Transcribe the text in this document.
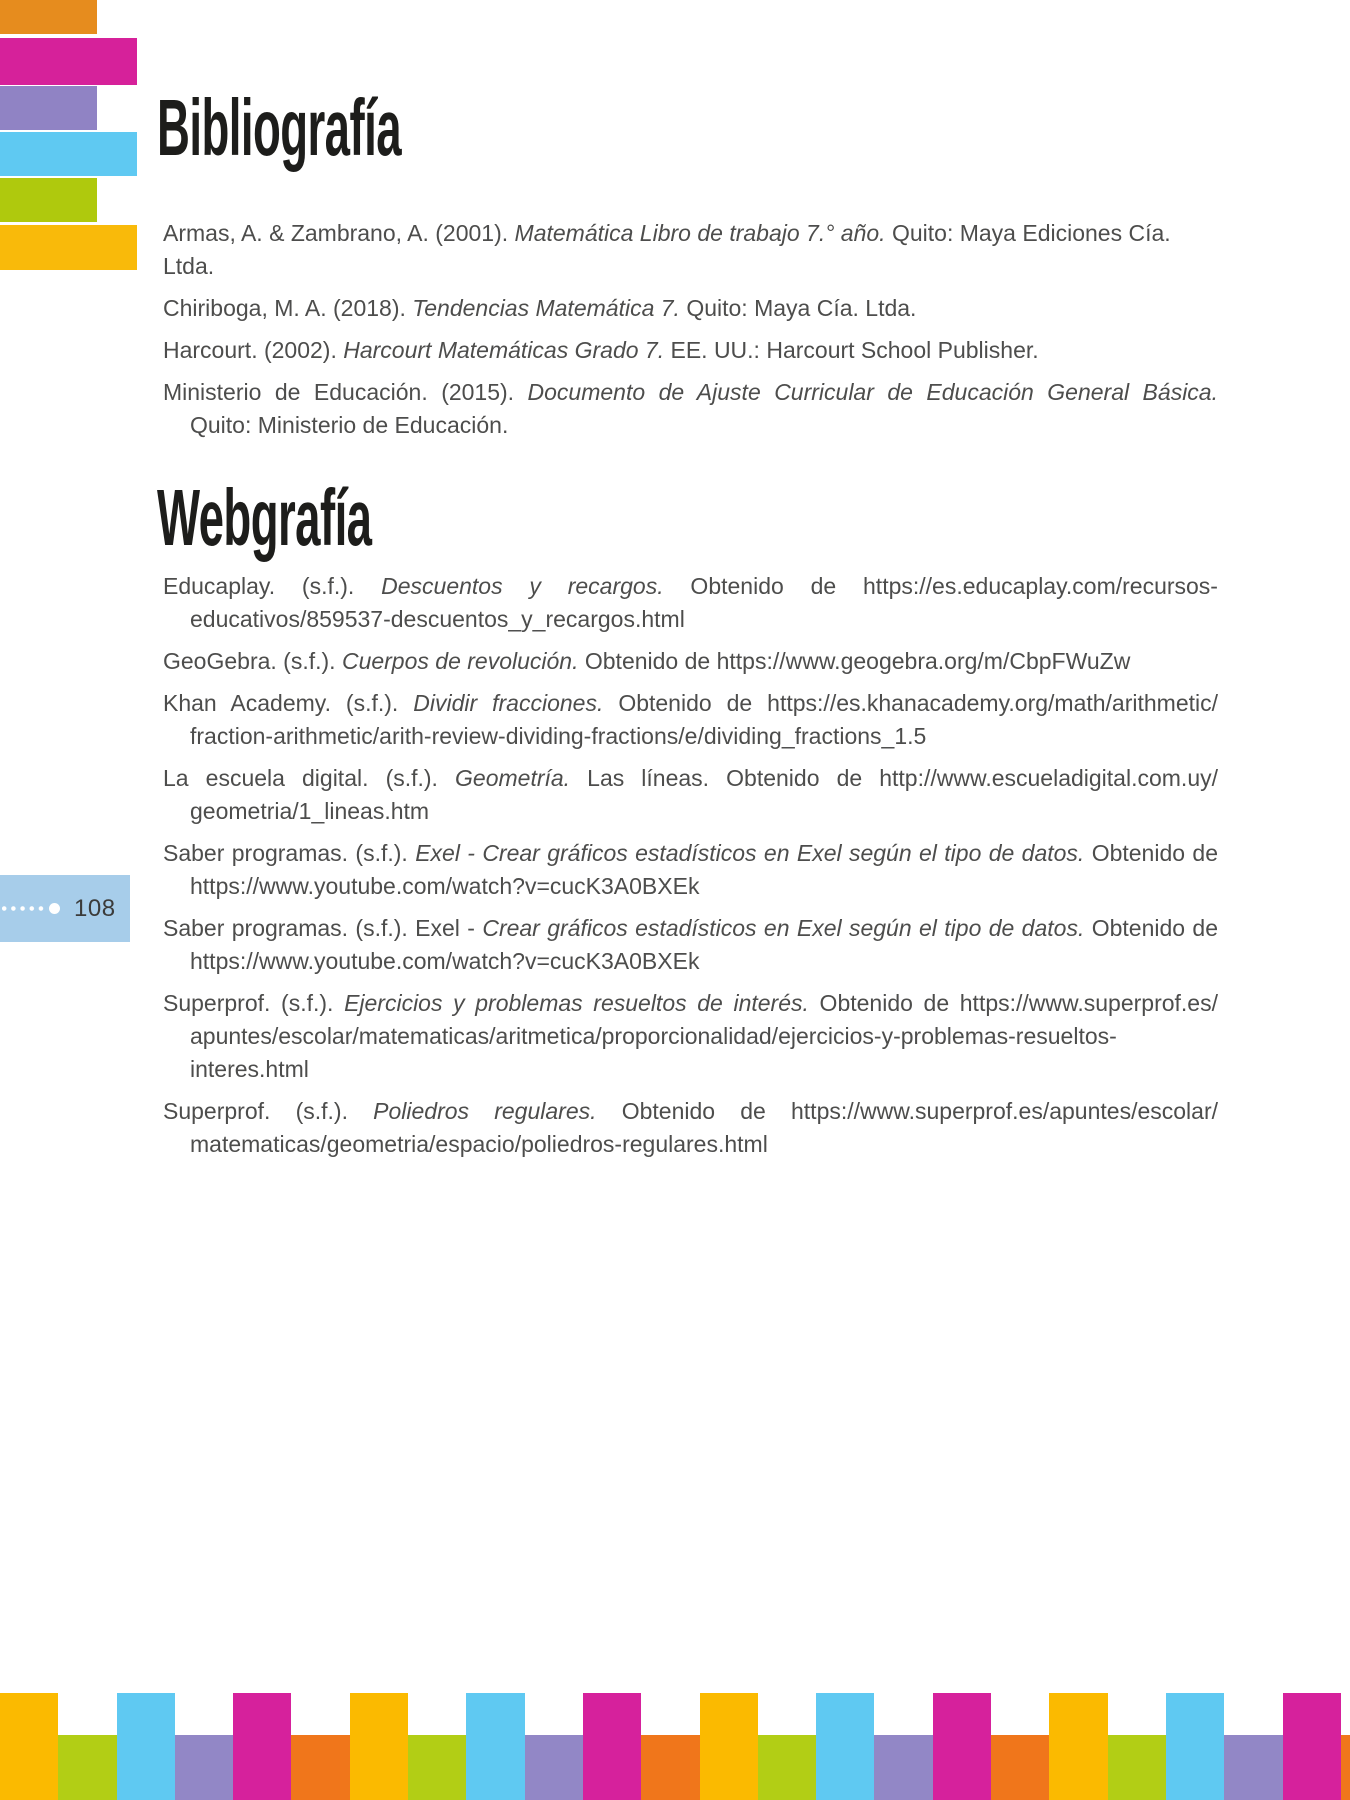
Bibliografía
Armas, A. & Zambrano, A. (2001). Matemática Libro de trabajo 7.° año. Quito: Maya Ediciones Cía. Ltda.
Chiriboga, M. A. (2018). Tendencias Matemática 7. Quito: Maya Cía. Ltda.
Harcourt. (2002). Harcourt Matemáticas Grado 7. EE. UU.: Harcourt School Publisher.
Ministerio de Educación. (2015). Documento de Ajuste Curricular de Educación General Básica.
Quito: Ministerio de Educación.
Webgrafía
Educaplay. (s.f.). Descuentos y recargos. Obtenido de https://es.educaplay.com/recursos-
educativos/859537-descuentos_y_recargos.html
GeoGebra. (s.f.). Cuerpos de revolución. Obtenido de https://www.geogebra.org/m/CbpFWuZw
Khan Academy. (s.f.). Dividir fracciones. Obtenido de https://es.khanacademy.org/math/arithmetic/
fraction-arithmetic/arith-review-dividing-fractions/e/dividing_fractions_1.5
La escuela digital. (s.f.). Geometría. Las líneas. Obtenido de http://www.escueladigital.com.uy/
geometria/1_lineas.htm
Saber programas. (s.f.). Exel - Crear gráficos estadísticos en Exel según el tipo de datos. Obtenido de
https://www.youtube.com/watch?v=cucK3A0BXEk
Saber programas. (s.f.). Exel - Crear gráficos estadísticos en Exel según el tipo de datos. Obtenido de
https://www.youtube.com/watch?v=cucK3A0BXEk
Superprof. (s.f.). Ejercicios y problemas resueltos de interés. Obtenido de https://www.superprof.es/
apuntes/escolar/matematicas/aritmetica/proporcionalidad/ejercicios-y-problemas-resueltos-
interes.html
Superprof. (s.f.). Poliedros regulares. Obtenido de https://www.superprof.es/apuntes/escolar/
matematicas/geometria/espacio/poliedros-regulares.html
108
